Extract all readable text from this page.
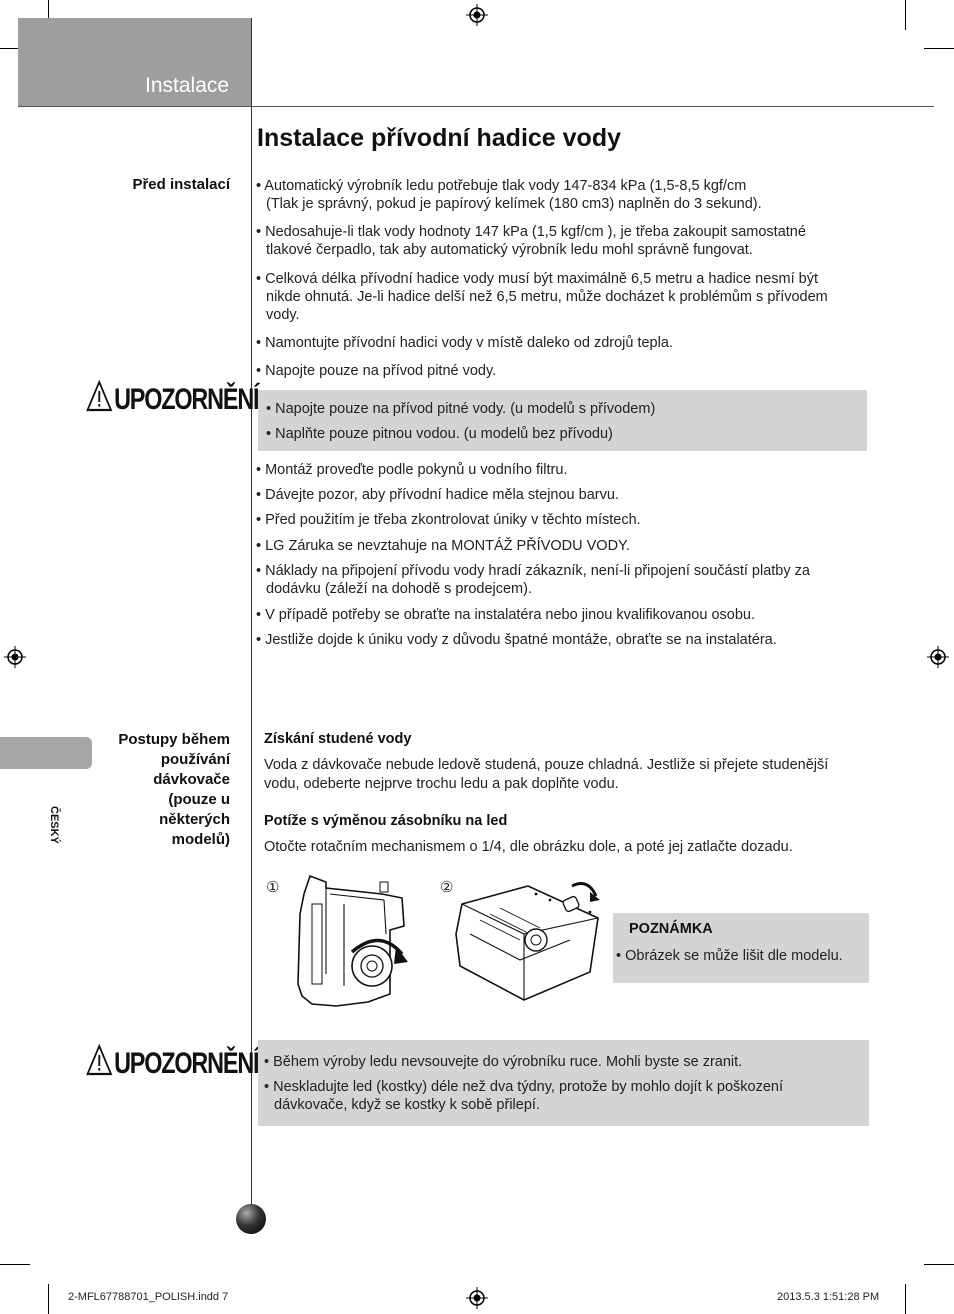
Instalace
Instalace přívodní hadice vody
Před instalací • Automatický výrobník ledu potřebuje tlak vody 147-834 kPa (1,5-8,5 kgf/cm
(Tlak je správný, pokud je papírový kelímek (180 cm3) naplněn do 3 sekund).
• Nedosahuje-li tlak vody hodnoty 147 kPa (1,5 kgf/cm ), je třeba zakoupit samostatné
tlakové čerpadlo, tak aby automatický výrobník ledu mohl správně fungovat.
• Celková délka přívodní hadice vody musí být maximálně 6,5 metru a hadice nesmí být
nikde ohnutá. Je-li hadice delší než 6,5 metru, může docházet k problémům s přívodem
vody.
• Namontujte přívodní hadici vody v místě daleko od zdrojů tepla.
• Napojte pouze na přívod pitné vody.
UPOZORNĚNÍ • Napojte pouze na přívod pitné vody. (u modelů s přívodem)
• Naplňte pouze pitnou vodou. (u modelů bez přívodu)
• Montáž proveďte podle pokynů u vodního filtru.
• Dávejte pozor, aby přívodní hadice měla stejnou barvu.
• Před použitím je třeba zkontrolovat úniky v těchto místech.
• LG Záruka se nevztahuje na MONTÁŽ PŘÍVODU VODY.
• Náklady na připojení přívodu vody hradí zákazník, není-li připojení součástí platby za
dodávku (záleží na dohodě s prodejcem).
• V případě potřeby se obraťte na instalatéra nebo jinou kvalifikovanou osobu.
• Jestliže dojde k úniku vody z důvodu špatné montáže, obraťte se na instalatéra.
ČESKÝ
Postupy během
používání
dávkovače
(pouze u
některých
modelů)
Získání studené vody
Voda z dávkovače nebude ledově studená, pouze chladná. Jestliže si přejete studenější
vodu, odeberte nejprve trochu ledu a pak doplňte vodu.
Potíže s výměnou zásobníku na led
Otočte rotačním mechanismem o 1/4, dle obrázku dole, a poté jej zatlačte dozadu.
①	②
POZNÁMKA
• Obrázek se může lišit dle modelu.
UPOZORNĚNÍ • Během výroby ledu nevsouvejte do výrobníku ruce. Mohli byste se zranit.
• Neskladujte led (kostky) déle než dva týdny, protože by mohlo dojít k poškození
dávkovače, když se kostky k sobě přilepí.
2-MFL67788701_POLISH.indd 7	2013.5.3 1:51:28 PM
